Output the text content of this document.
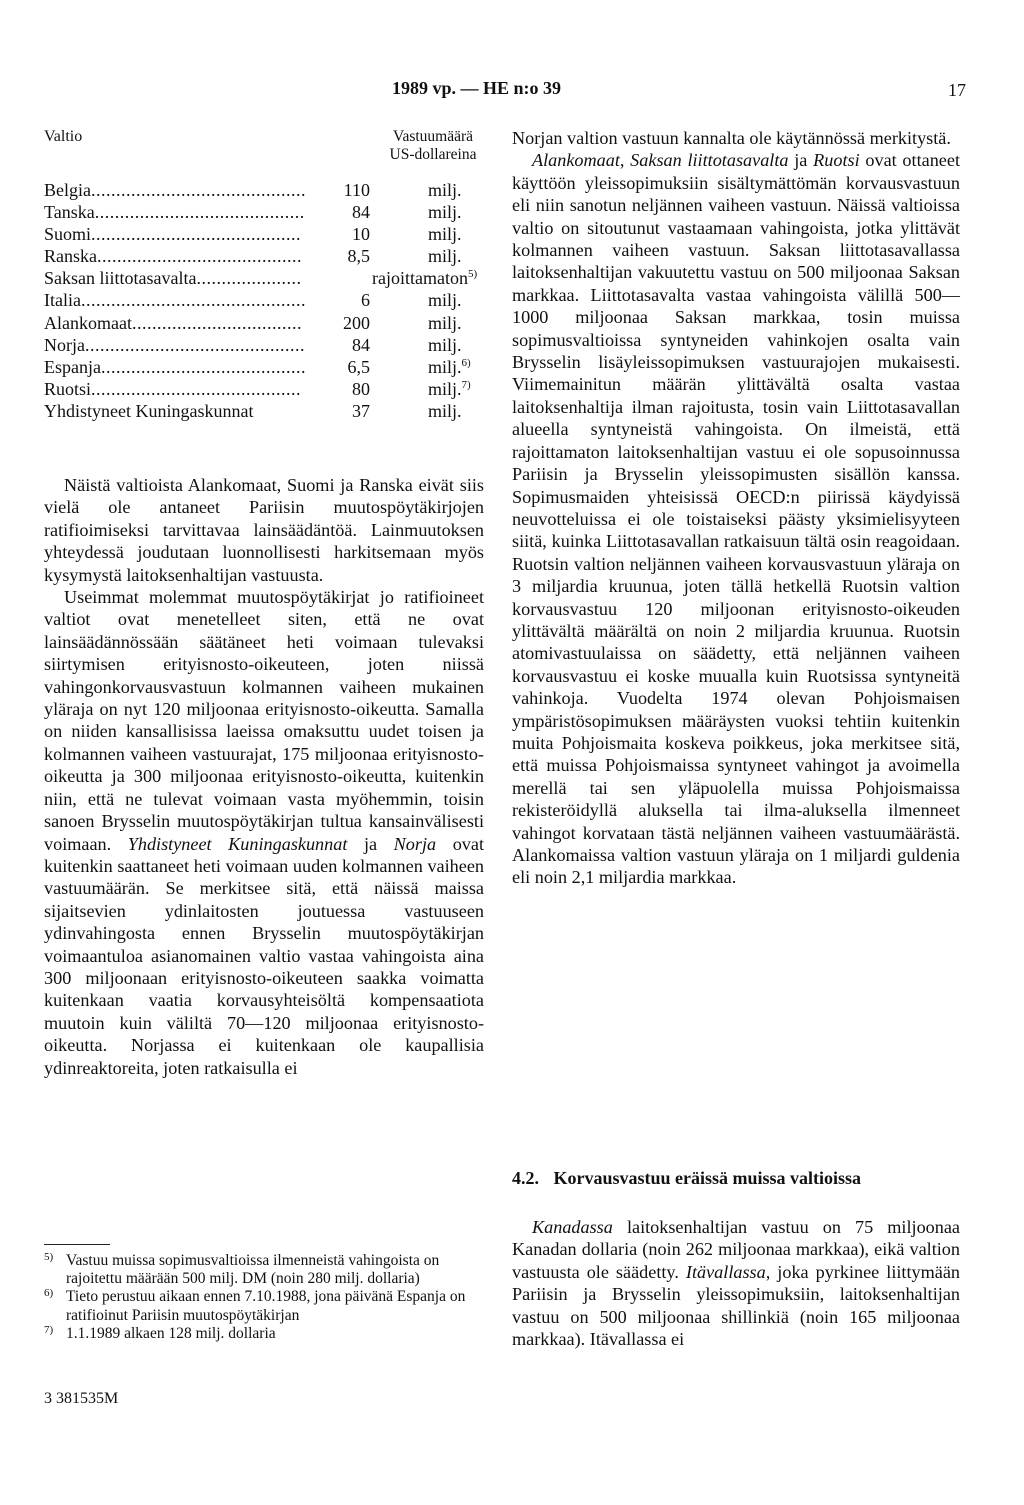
1989 vp. — HE n:o 39	17
Valtio	Vastuumäärä
US-dollareina
Belgia...........................................	110	milj.
Tanska..........................................	84	milj.
Suomi..........................................	10	milj.
Ranska.........................................	8,5	milj.
Saksan liittotasavalta.....................	rajoittamaton$^{5)}$
Italia.............................................	6	milj.
Alankomaat..................................	200	milj.
Norja............................................	84	milj.
Espanja.........................................	6,5	milj.$^{6)}$
Ruotsi..........................................	80	milj.$^{7)}$
Yhdistyneet Kuningaskunnat	37	milj.

Näistä valtioista Alankomaat, Suomi ja Ranska eivät siis vielä ole antaneet Pariisin muutospöytäkirjojen ratifioimiseksi tarvittavaa lainsäädäntöä. Lainmuutoksen yhteydessä joudutaan luonnollisesti harkitsemaan myös kysymystä laitoksenhaltijan vastuusta.

Useimmat molemmat muutospöytäkirjat jo ratifioineet valtiot ovat menetelleet siten, että ne ovat lainsäädännössään säätäneet heti voimaan tulevaksi siirtymisen erityisnosto-oikeuteen, joten niissä vahingonkorvausvastuun kolmannen vaiheen mukainen yläraja on nyt 120 miljoonaa erityisnosto-oikeutta. Samalla on niiden kansallisissa laeissa omaksuttu uudet toisen ja kolmannen vaiheen vastuurajat, 175 miljoonaa erityisnosto-oikeutta ja 300 miljoonaa erityisnosto-oikeutta, kuitenkin niin, että ne tulevat voimaan vasta myöhemmin, toisin sanoen Brysselin muutospöytäkirjan tultua kansainvälisesti voimaan. Yhdistyneet Kuningaskunnat ja Norja ovat kuitenkin saattaneet heti voimaan uuden kolmannen vaiheen vastuumäärän. Se merkitsee sitä, että näissä maissa sijaitsevien ydinlaitosten joutuessa vastuuseen ydinvahingosta ennen Brysselin muutospöytäkirjan voimaantuloa asianomainen valtio vastaa vahingoista aina 300 miljoonaan erityisnosto-oikeuteen saakka voimatta kuitenkaan vaatia korvausyhteisöltä kompensaatiota muutoin kuin väliltä 70—120 miljoonaa erityisnosto-oikeutta. Norjassa ei kuitenkaan ole kaupallisia ydinreaktoreita, joten ratkaisulla ei

Norjan valtion vastuun kannalta ole käytännössä merkitystä.

Alankomaat, Saksan liittotasavalta ja Ruotsi ovat ottaneet käyttöön yleissopimuksiin sisältymättömän korvausvastuun eli niin sanotun neljännen vaiheen vastuun. Näissä valtioissa valtio on sitoutunut vastaamaan vahingoista, jotka ylittävät kolmannen vaiheen vastuun. Saksan liittotasavallassa laitoksenhaltijan vakuutettu vastuu on 500 miljoonaa Saksan markkaa. Liittotasavalta vastaa vahingoista välillä 500—1000 miljoonaa Saksan markkaa, tosin muissa sopimusvaltioissa syntyneiden vahinkojen osalta vain Brysselin lisäyleissopimuksen vastuurajojen mukaisesti. Viimemainitun määrän ylittävältä osalta vastaa laitoksenhaltija ilman rajoitusta, tosin vain Liittotasavallan alueella syntyneistä vahingoista. On ilmeistä, että rajoittamaton laitoksenhaltijan vastuu ei ole sopusoinnussa Pariisin ja Brysselin yleissopimusten sisällön kanssa. Sopimusmaiden yhteisissä OECD:n piirissä käydyissä neuvotteluissa ei ole toistaiseksi päästy yksimielisyyteen siitä, kuinka Liittotasavallan ratkaisuun tältä osin reagoidaan. Ruotsin valtion neljännen vaiheen korvausvastuun yläraja on 3 miljardia kruunua, joten tällä hetkellä Ruotsin valtion korvausvastuu 120 miljoonan erityisnosto-oikeuden ylittävältä määrältä on noin 2 miljardia kruunua. Ruotsin atomivastuulaissa on säädetty, että neljännen vaiheen korvausvastuu ei koske muualla kuin Ruotsissa syntyneitä vahinkoja. Vuodelta 1974 olevan Pohjoismaisen ympäristösopimuksen määräysten vuoksi tehtiin kuitenkin muita Pohjoismaita koskeva poikkeus, joka merkitsee sitä, että muissa Pohjoismaissa syntyneet vahingot ja avoimella merellä tai sen yläpuolella muissa Pohjoismaissa rekisteröidyllä aluksella tai ilma-aluksella ilmenneet vahingot korvataan tästä neljännen vaiheen vastuumäärästä. Alankomaissa valtion vastuun yläraja on 1 miljardi guldenia eli noin 2,1 miljardia markkaa.

4.2. Korvausvastuu eräissä muissa valtioissa

Kanadassa laitoksenhaltijan vastuu on 75 miljoonaa Kanadan dollaria (noin 262 miljoonaa markkaa), eikä valtion vastuusta ole säädetty. Itävallassa, joka pyrkinee liittymään Pariisin ja Brysselin yleissopimuksiin, laitoksenhaltijan vastuu on 500 miljoonaa shillinkiä (noin 165 miljoonaa markkaa). Itävallassa ei

5) Vastuu muissa sopimusvaltioissa ilmenneistä vahingoista on rajoitettu määrään 500 milj. DM (noin 280 milj. dollaria)
6) Tieto perustuu aikaan ennen 7.10.1988, jona päivänä Espanja on ratifioinut Pariisin muutospöytäkirjan
7) 1.1.1989 alkaen 128 milj. dollaria
3 381535M
